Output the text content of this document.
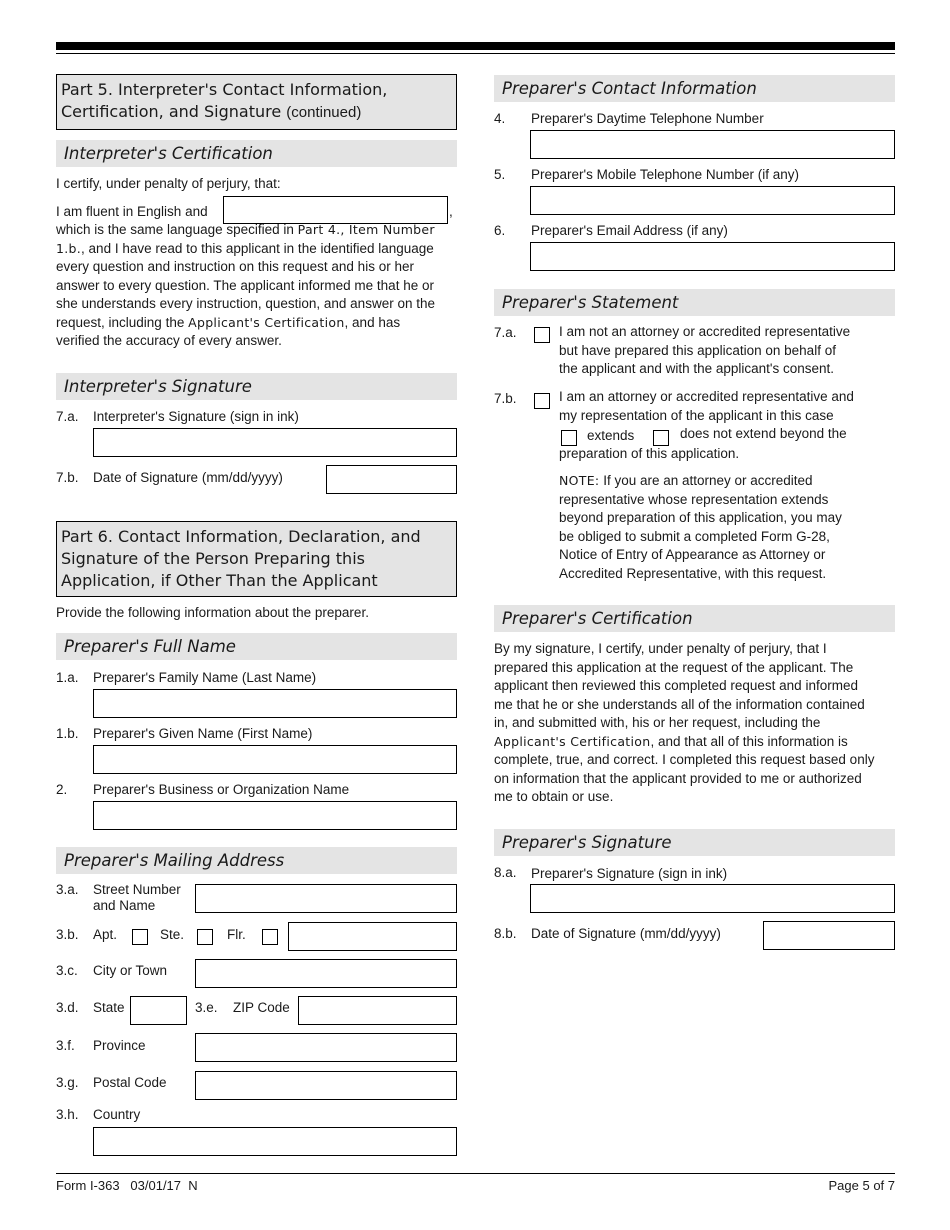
Part 5. Interpreter's Contact Information, Certification, and Signature (continued)
Interpreter's Certification
I certify, under penalty of perjury, that:
I am fluent in English and	,
which is the same language specified in Part 4., Item Number
1.b., and I have read to this applicant in the identified language
every question and instruction on this request and his or her
answer to every question. The applicant informed me that he or
she understands every instruction, question, and answer on the
request, including the Applicant's Certification, and has
verified the accuracy of every answer.
Interpreter's Signature
7.a. Interpreter's Signature (sign in ink)
7.b. Date of Signature (mm/dd/yyyy)
Part 6. Contact Information, Declaration, and
Signature of the Person Preparing this
Application, if Other Than the Applicant
Provide the following information about the preparer.
Preparer's Full Name
1.a. Preparer's Family Name (Last Name)
1.b. Preparer's Given Name (First Name)
2. Preparer's Business or Organization Name
Preparer's Mailing Address
3.a. Street Number
and Name
3.b. Apt.	Ste.	Flr.
3.c. City or Town
3.d. State	3.e. ZIP Code
3.f. Province
3.g. Postal Code
3.h. Country
Preparer's Contact Information
4. Preparer's Daytime Telephone Number
5. Preparer's Mobile Telephone Number (if any)
6. Preparer's Email Address (if any)
Preparer's Statement
7.a.	I am not an attorney or accredited representative
but have prepared this application on behalf of
the applicant and with the applicant's consent.
7.b.	I am an attorney or accredited representative and
my representation of the applicant in this case
extends	does not extend beyond the
preparation of this application.
NOTE: If you are an attorney or accredited
representative whose representation extends
beyond preparation of this application, you may
be obliged to submit a completed Form G-28,
Notice of Entry of Appearance as Attorney or
Accredited Representative, with this request.
Preparer's Certification
By my signature, I certify, under penalty of perjury, that I
prepared this application at the request of the applicant. The
applicant then reviewed this completed request and informed
me that he or she understands all of the information contained
in, and submitted with, his or her request, including the
Applicant's Certification, and that all of this information is
complete, true, and correct. I completed this request based only
on information that the applicant provided to me or authorized
me to obtain or use.
Preparer's Signature
8.a. Preparer's Signature (sign in ink)
8.b. Date of Signature (mm/dd/yyyy)
Form I-363   03/01/17  N	Page 5 of 7
